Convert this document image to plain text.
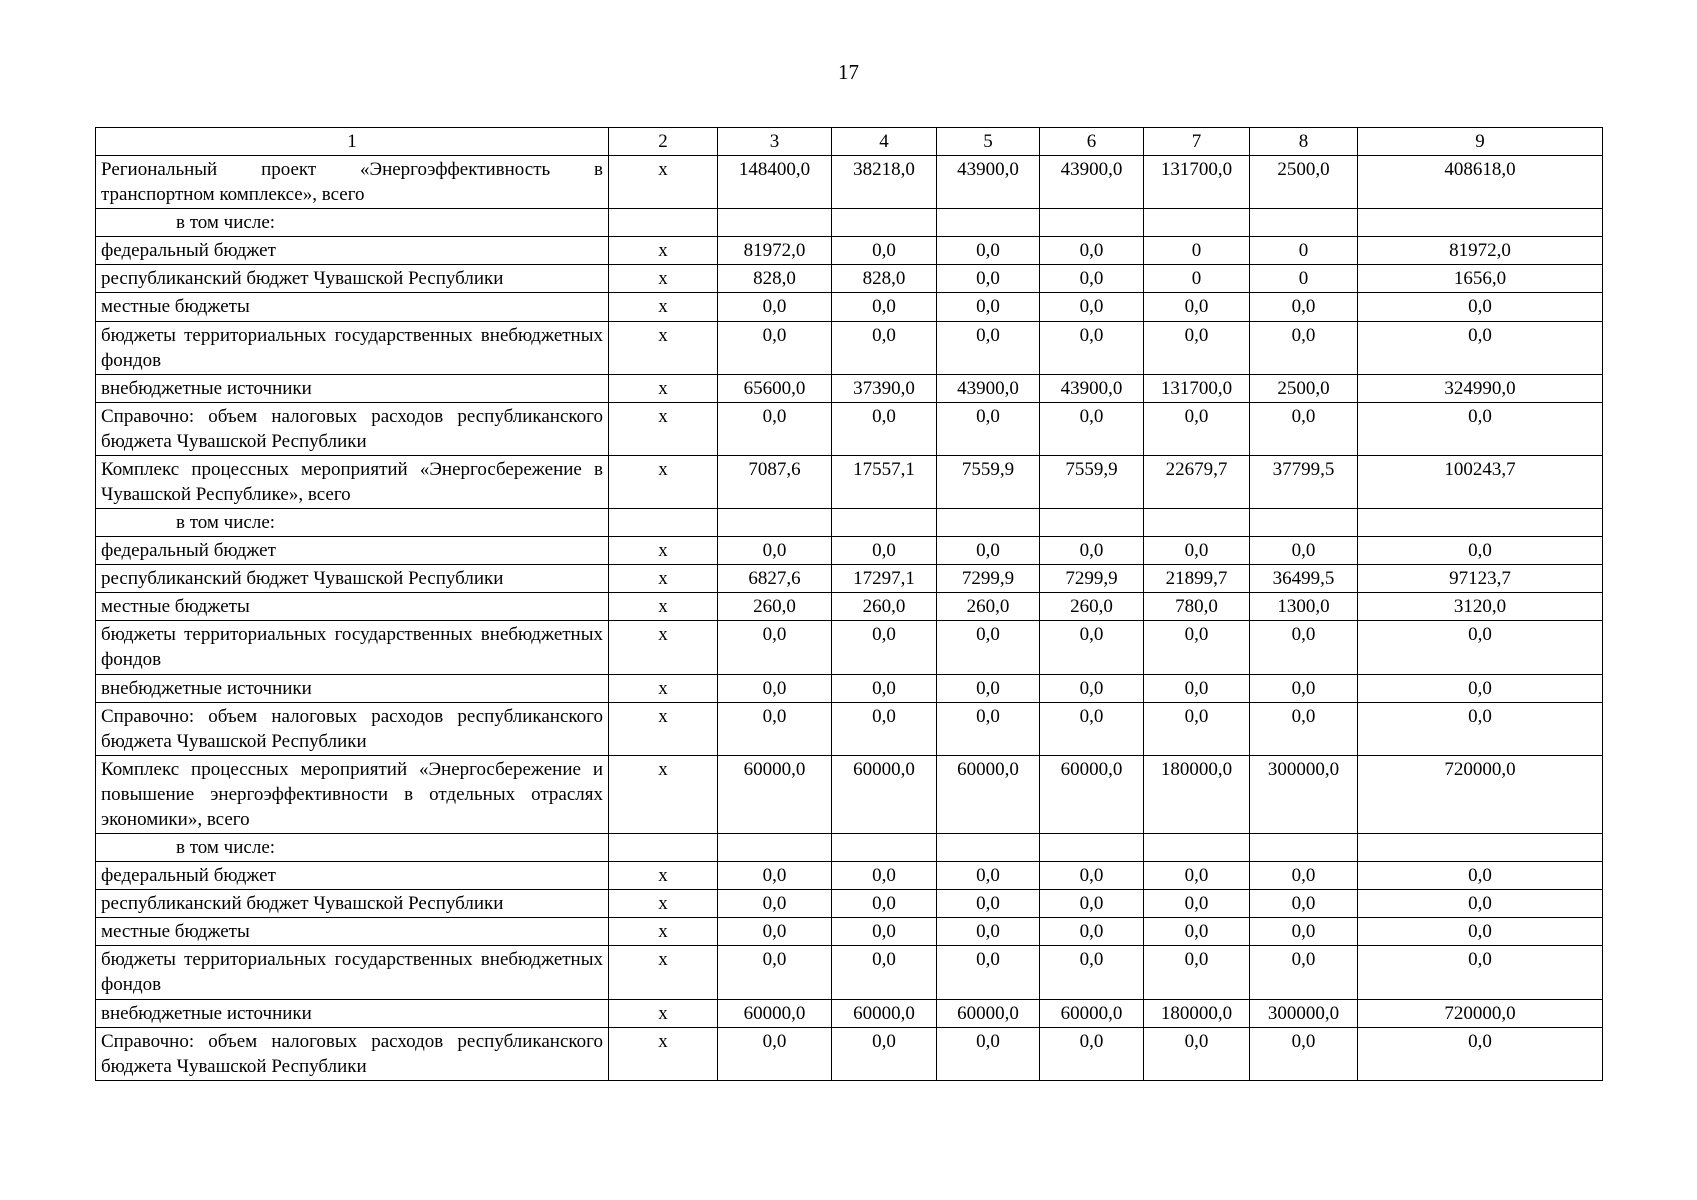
17
1	2	3	4	5	6	7	8	9
Региональный проект «Энергоэффективность в транспортном комплексе», всего	х	148400,0	38218,0	43900,0	43900,0	131700,0	2500,0	408618,0
в том числе:								
федеральный бюджет	х	81972,0	0,0	0,0	0,0	0	0	81972,0
республиканский бюджет Чувашской Республики	х	828,0	828,0	0,0	0,0	0	0	1656,0
местные бюджеты	х	0,0	0,0	0,0	0,0	0,0	0,0	0,0
бюджеты территориальных государственных внебюджетных фондов	х	0,0	0,0	0,0	0,0	0,0	0,0	0,0
внебюджетные источники	х	65600,0	37390,0	43900,0	43900,0	131700,0	2500,0	324990,0
Справочно: объем налоговых расходов республиканского бюджета Чувашской Республики	х	0,0	0,0	0,0	0,0	0,0	0,0	0,0
Комплекс процессных мероприятий «Энергосбережение в Чувашской Республике», всего	х	7087,6	17557,1	7559,9	7559,9	22679,7	37799,5	100243,7
в том числе:								
федеральный бюджет	х	0,0	0,0	0,0	0,0	0,0	0,0	0,0
республиканский бюджет Чувашской Республики	х	6827,6	17297,1	7299,9	7299,9	21899,7	36499,5	97123,7
местные бюджеты	х	260,0	260,0	260,0	260,0	780,0	1300,0	3120,0
бюджеты территориальных государственных внебюджетных фондов	х	0,0	0,0	0,0	0,0	0,0	0,0	0,0
внебюджетные источники	х	0,0	0,0	0,0	0,0	0,0	0,0	0,0
Справочно: объем налоговых расходов республиканского бюджета Чувашской Республики	х	0,0	0,0	0,0	0,0	0,0	0,0	0,0
Комплекс процессных мероприятий «Энергосбережение и повышение энергоэффективности в отдельных отраслях экономики», всего	х	60000,0	60000,0	60000,0	60000,0	180000,0	300000,0	720000,0
в том числе:								
федеральный бюджет	х	0,0	0,0	0,0	0,0	0,0	0,0	0,0
республиканский бюджет Чувашской Республики	х	0,0	0,0	0,0	0,0	0,0	0,0	0,0
местные бюджеты	х	0,0	0,0	0,0	0,0	0,0	0,0	0,0
бюджеты территориальных государственных внебюджетных фондов	х	0,0	0,0	0,0	0,0	0,0	0,0	0,0
внебюджетные источники	х	60000,0	60000,0	60000,0	60000,0	180000,0	300000,0	720000,0
Справочно: объем налоговых расходов республиканского бюджета Чувашской Республики	х	0,0	0,0	0,0	0,0	0,0	0,0	0,0
